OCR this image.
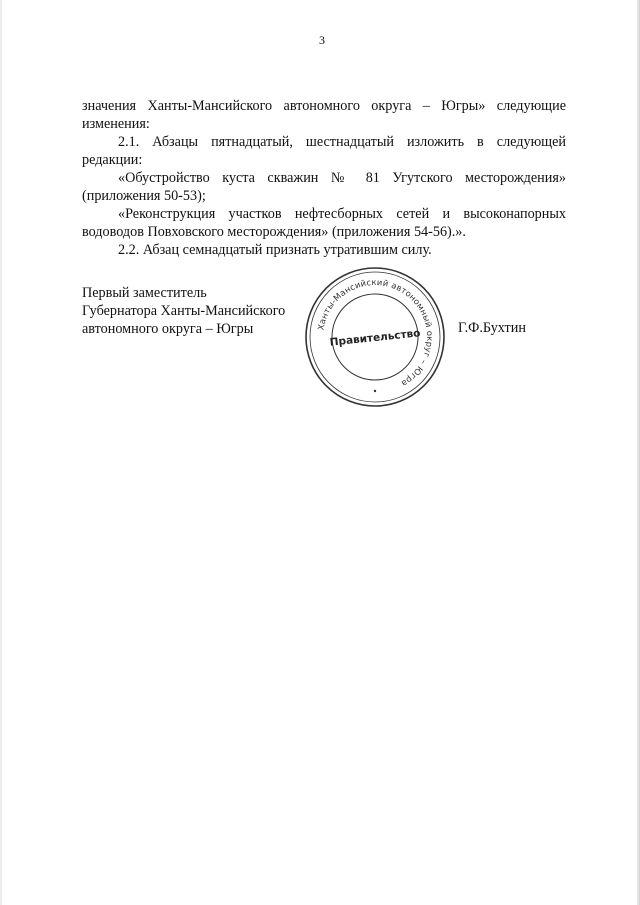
3

значения Ханты-Мансийского автономного округа – Югры» следующие изменения:

2.1. Абзацы пятнадцатый, шестнадцатый изложить в следующей редакции:

«Обустройство куста скважин № 81 Угутского месторождения» (приложения 50-53);

«Реконструкция участков нефтесборных сетей и высоконапорных водоводов Повховского месторождения» (приложения 54-56).».

2.2. Абзац семнадцатый признать утратившим силу.

Первый заместитель
Губернатора Ханты-Мансийского
автономного округа – Югры	Ханты-Мансийский автономный округ – Югра
Правительство	Г.Ф.Бухтин
